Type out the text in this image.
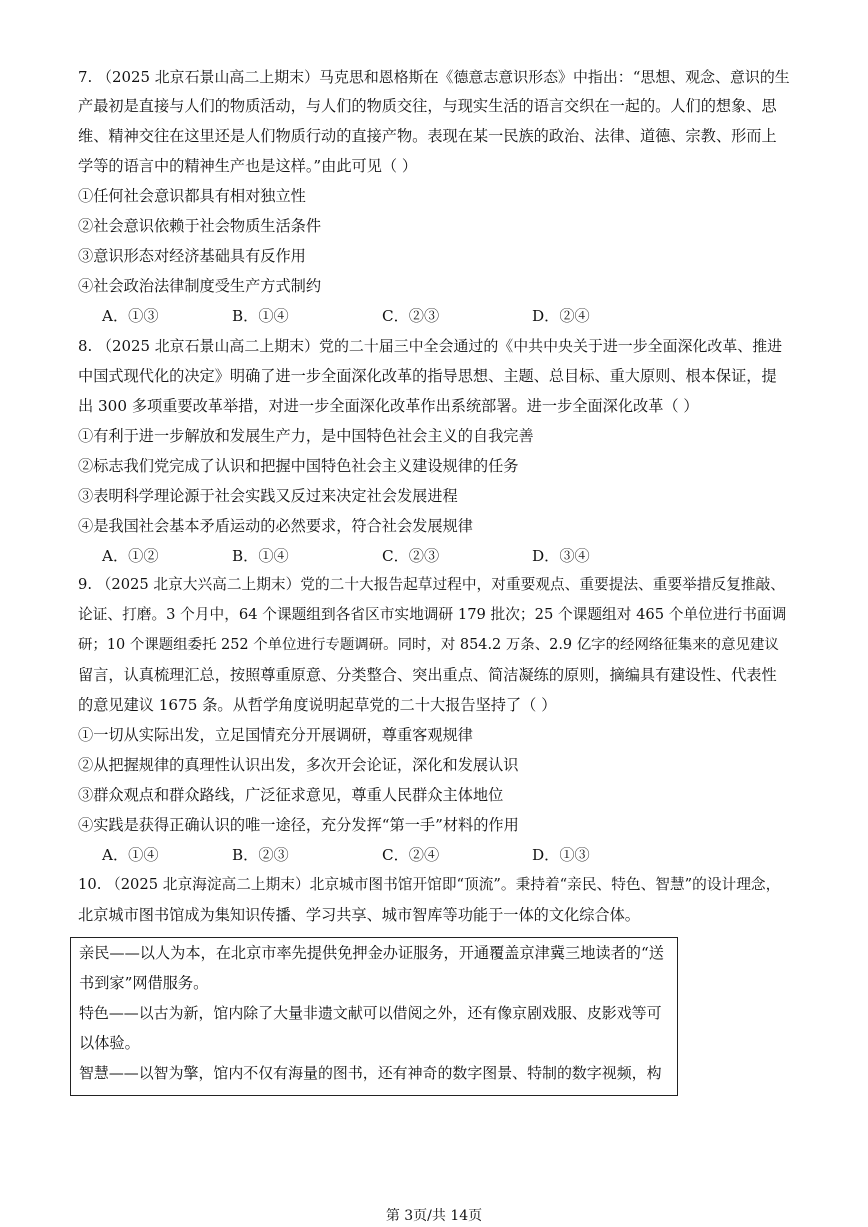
7. （2025 北京石景山高二上期末）马克思和恩格斯在《德意志意识形态》中指出：“思想、观念、意识的生
产最初是直接与人们的物质活动，与人们的物质交往，与现实生活的语言交织在一起的。人们的想象、思
维、精神交往在这里还是人们物质行动的直接产物。表现在某一民族的政治、法律、道德、宗教、形而上
学等的语言中的精神生产也是这样。”由此可见（ ）
①任何社会意识都具有相对独立性
②社会意识依赖于社会物质生活条件
③意识形态对经济基础具有反作用
④社会政治法律制度受生产方式制约
A．①③	B．①④	C．②③	D．②④
8. （2025 北京石景山高二上期末）党的二十届三中全会通过的《中共中央关于进一步全面深化改革、推进
中国式现代化的决定》明确了进一步全面深化改革的指导思想、主题、总目标、重大原则、根本保证，提
出 300 多项重要改革举措，对进一步全面深化改革作出系统部署。进一步全面深化改革（ ）
①有利于进一步解放和发展生产力，是中国特色社会主义的自我完善
②标志我们党完成了认识和把握中国特色社会主义建设规律的任务
③表明科学理论源于社会实践又反过来决定社会发展进程
④是我国社会基本矛盾运动的必然要求，符合社会发展规律
A．①②	B．①④	C．②③	D．③④
9. （2025 北京大兴高二上期末）党的二十大报告起草过程中，对重要观点、重要提法、重要举措反复推敲、
论证、打磨。3 个月中，64 个课题组到各省区市实地调研 179 批次；25 个课题组对 465 个单位进行书面调
研；10 个课题组委托 252 个单位进行专题调研。同时，对 854.2 万条、2.9 亿字的经网络征集来的意见建议
留言，认真梳理汇总，按照尊重原意、分类整合、突出重点、简洁凝练的原则，摘编具有建设性、代表性
的意见建议 1675 条。从哲学角度说明起草党的二十大报告坚持了（ ）
①一切从实际出发，立足国情充分开展调研，尊重客观规律
②从把握规律的真理性认识出发，多次开会论证，深化和发展认识
③群众观点和群众路线，广泛征求意见，尊重人民群众主体地位
④实践是获得正确认识的唯一途径，充分发挥“第一手”材料的作用
A．①④	B．②③	C．②④	D．①③
10. （2025 北京海淀高二上期末）北京城市图书馆开馆即“顶流”。秉持着“亲民、特色、智慧”的设计理念，
北京城市图书馆成为集知识传播、学习共享、城市智库等功能于一体的文化综合体。
亲民——以人为本，在北京市率先提供免押金办证服务，开通覆盖京津冀三地读者的“送
书到家”网借服务。
特色——以古为新，馆内除了大量非遗文献可以借阅之外，还有像京剧戏服、皮影戏等可
以体验。
智慧——以智为擎，馆内不仅有海量的图书，还有神奇的数字图景、特制的数字视频，构
第 3页/共 14页
